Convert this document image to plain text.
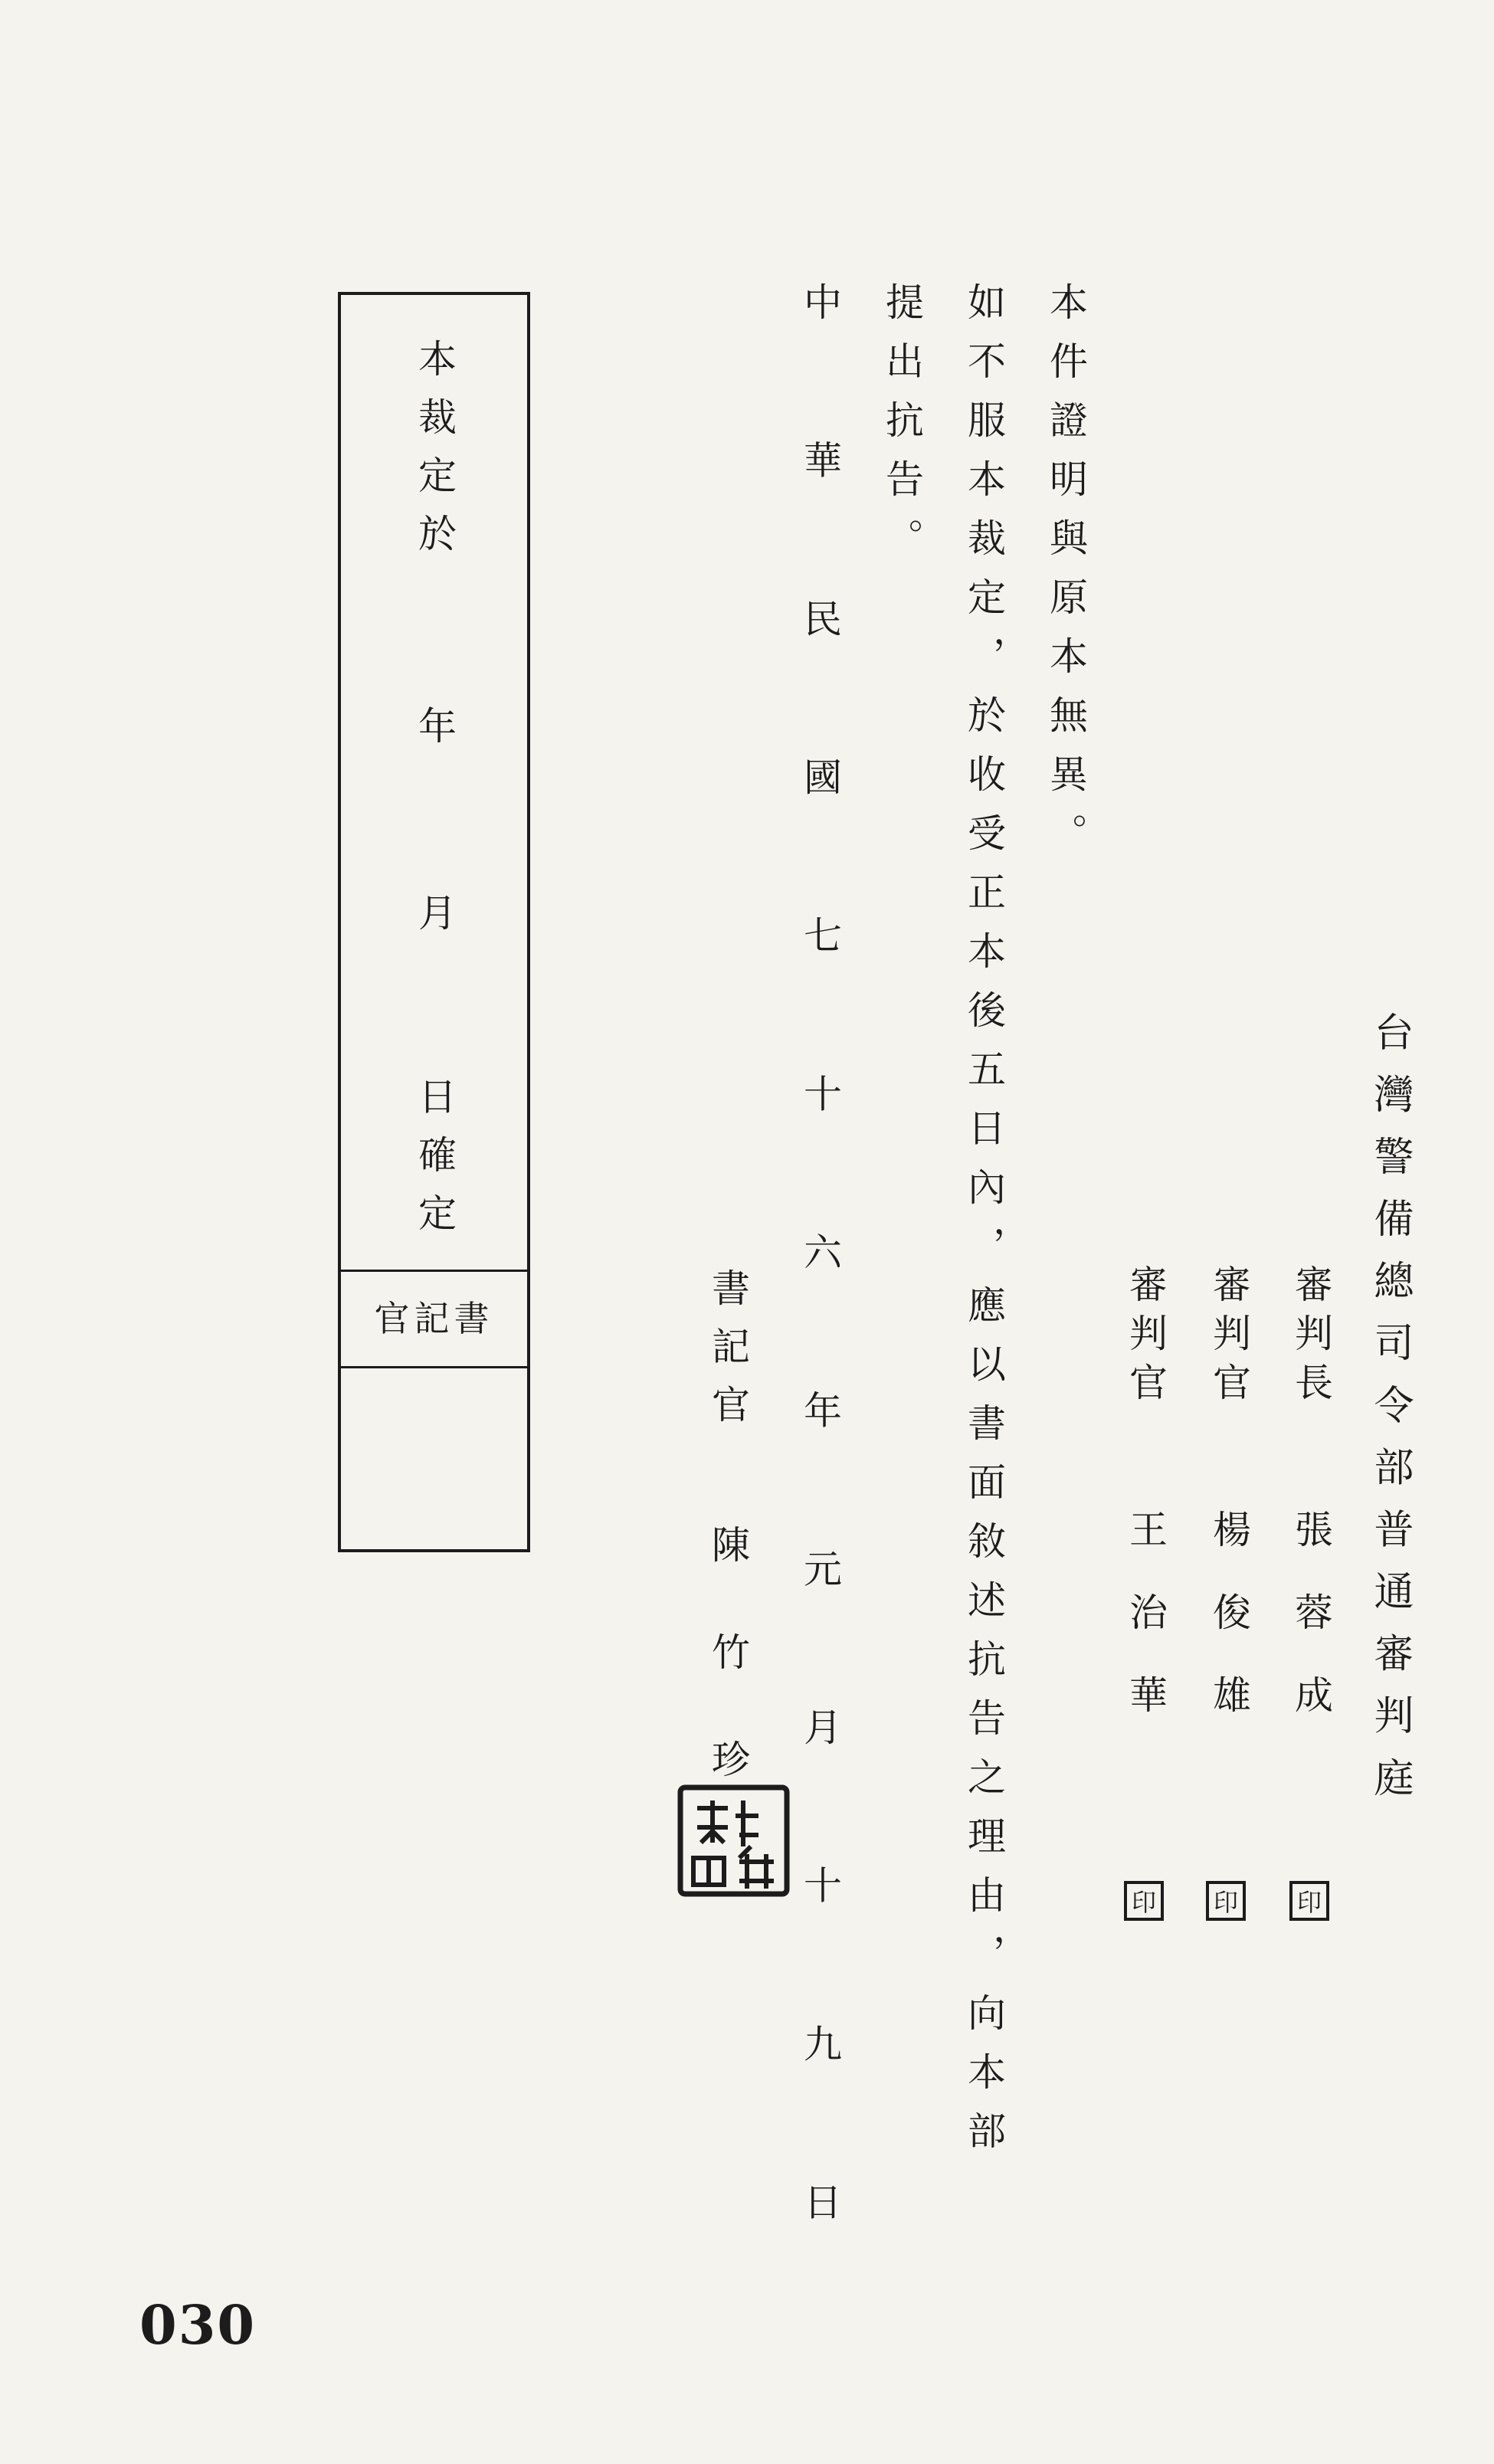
台灣警備總司令部普通審判庭
審判長
張 蓉 成
印
審判官
楊 俊 雄
印
審判官
王 治 華
印
本件證明與原本無異。
如不服本裁定，於收受正本後五日內，應以書面敘述抗告之理由，向本部
提出抗告。
中華民國七十六年元月十九日
書記官
陳 竹 珍
本裁定於
年
月
日確定
官記書
030
